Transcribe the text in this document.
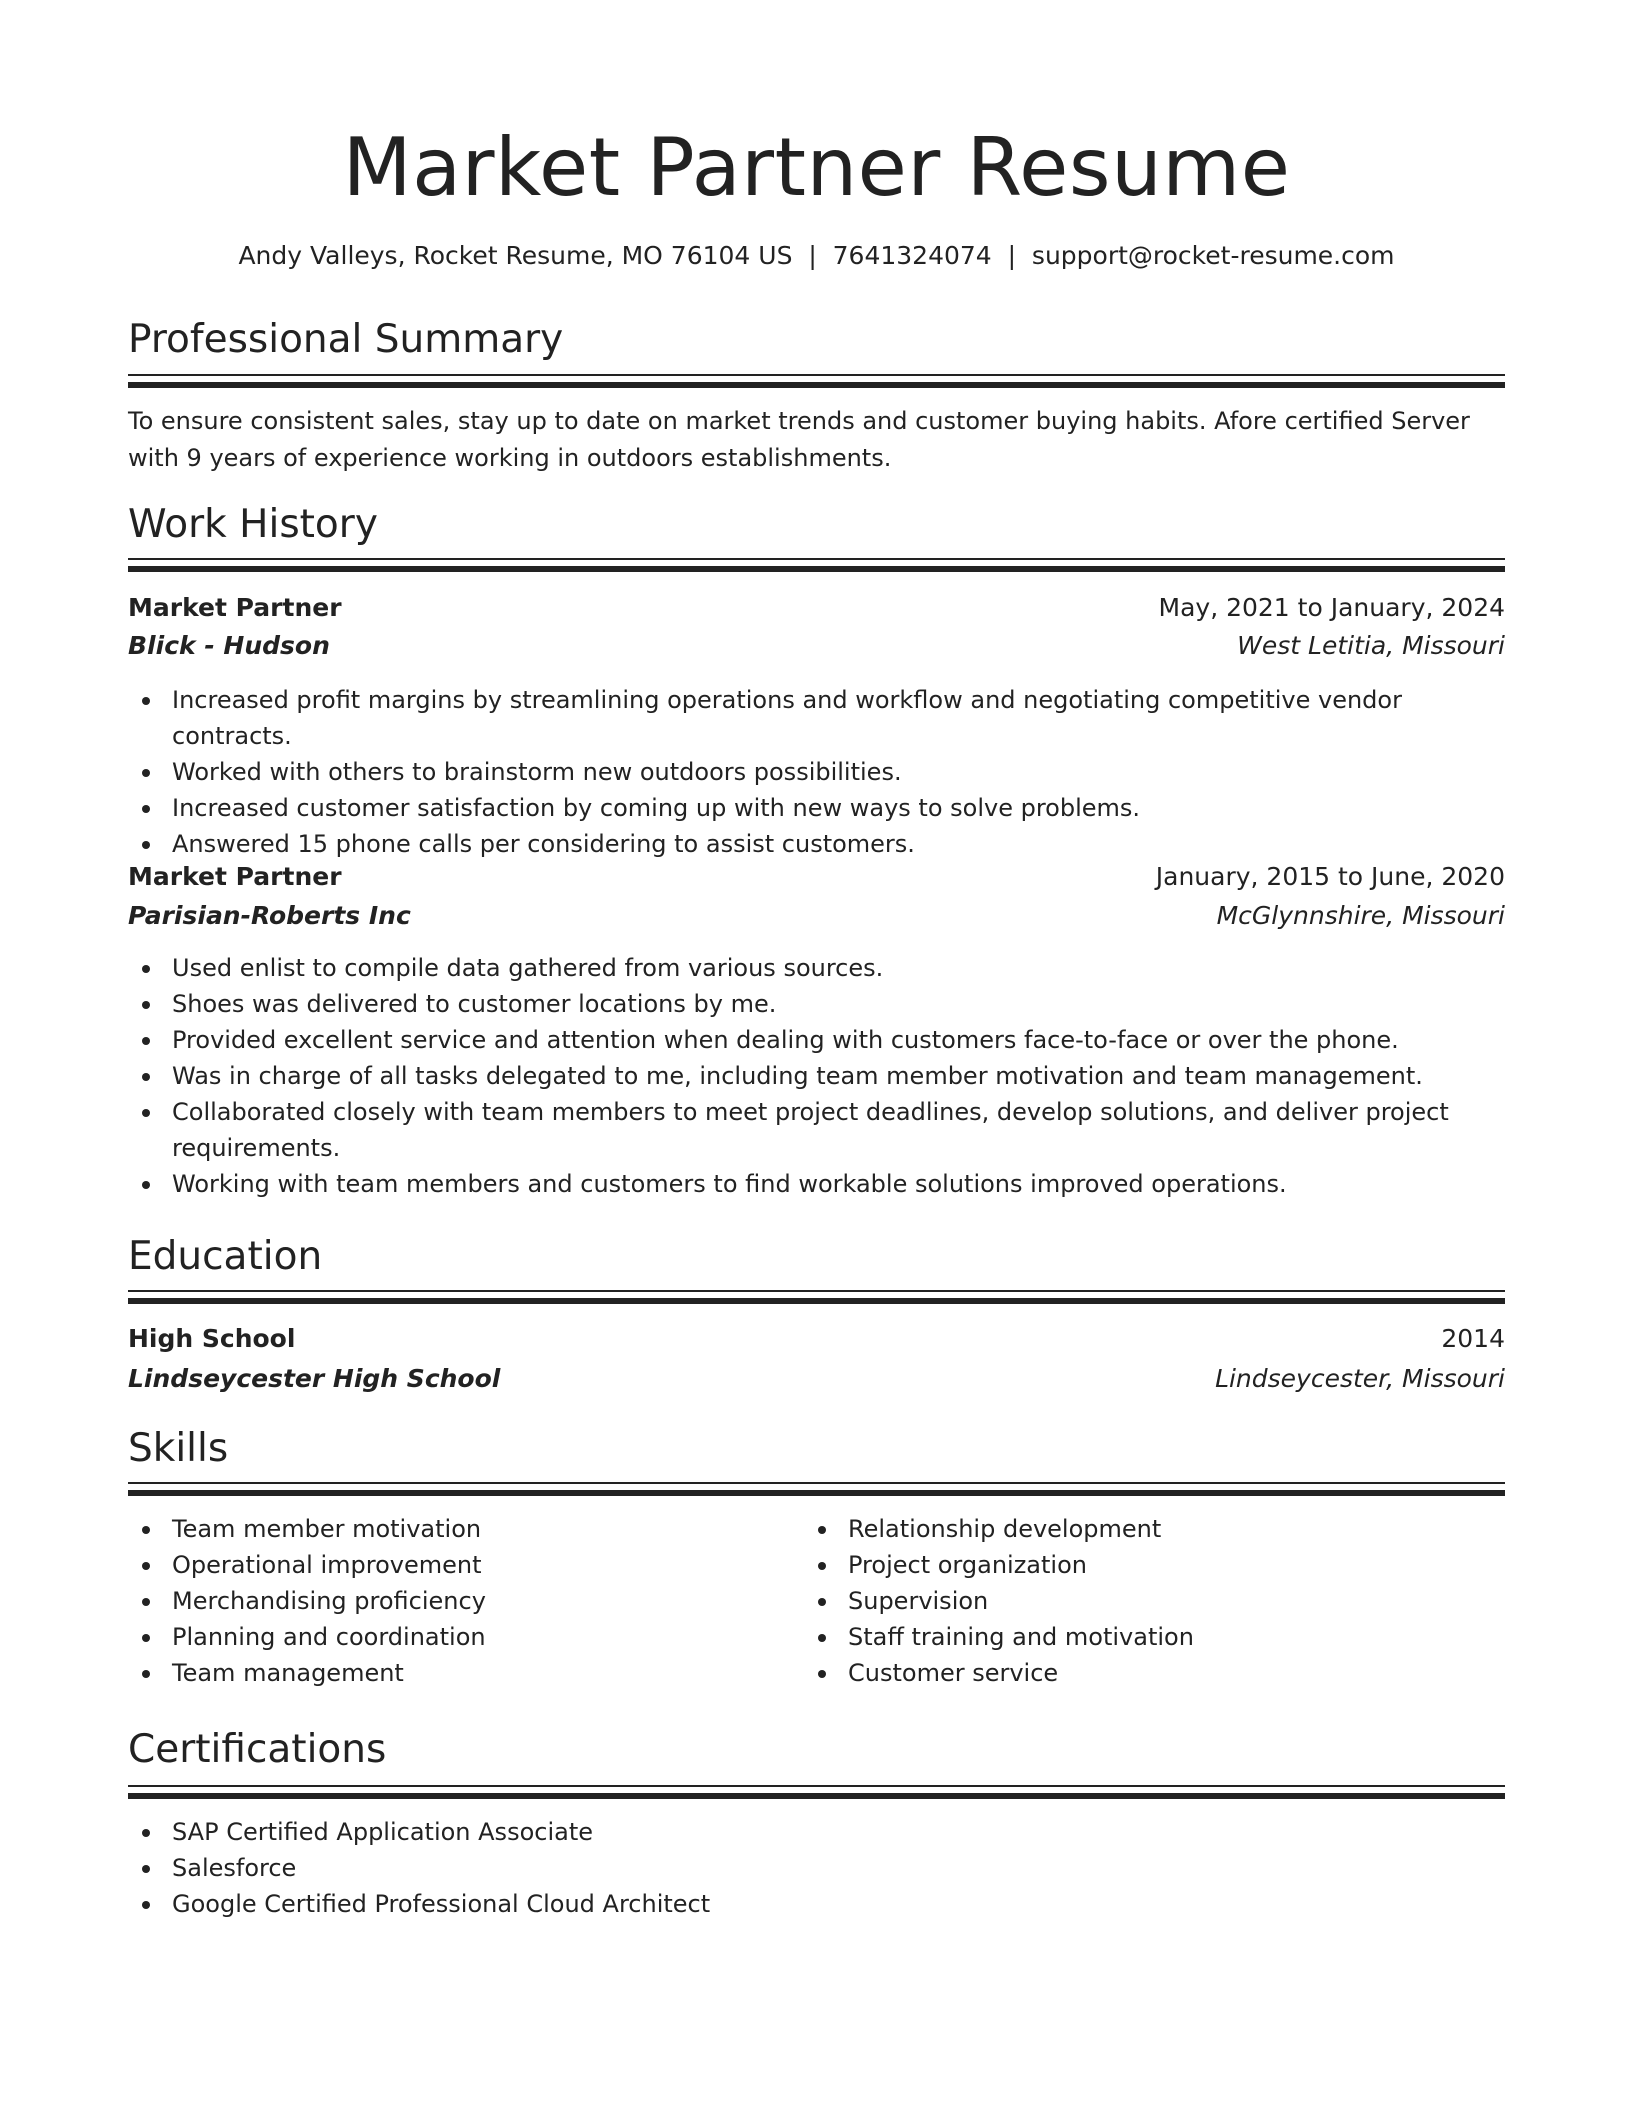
Market Partner Resume
Andy Valleys, Rocket Resume, MO 76104 US  |  7641324074  |  support@rocket-resume.com
Professional Summary
To ensure consistent sales, stay up to date on market trends and customer buying habits. Afore certified Server with 9 years of experience working in outdoors establishments.
Work History
Market Partner	May, 2021 to January, 2024
Blick - Hudson	West Letitia, Missouri
Increased profit margins by streamlining operations and workflow and negotiating competitive vendor contracts.
Worked with others to brainstorm new outdoors possibilities.
Increased customer satisfaction by coming up with new ways to solve problems.
Answered 15 phone calls per considering to assist customers.
Market Partner	January, 2015 to June, 2020
Parisian-Roberts Inc	McGlynnshire, Missouri
Used enlist to compile data gathered from various sources.
Shoes was delivered to customer locations by me.
Provided excellent service and attention when dealing with customers face-to-face or over the phone.
Was in charge of all tasks delegated to me, including team member motivation and team management.
Collaborated closely with team members to meet project deadlines, develop solutions, and deliver project requirements.
Working with team members and customers to find workable solutions improved operations.
Education
High School	2014
Lindseycester High School	Lindseycester, Missouri
Skills
Team member motivation
Operational improvement
Merchandising proficiency
Planning and coordination
Team management
Relationship development
Project organization
Supervision
Staff training and motivation
Customer service
Certifications
SAP Certified Application Associate
Salesforce
Google Certified Professional Cloud Architect
